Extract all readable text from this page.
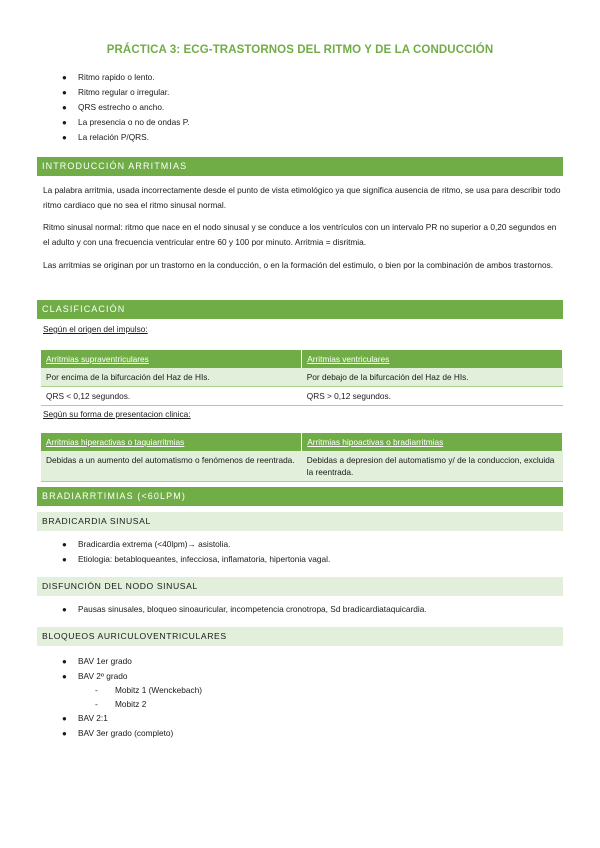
PRÁCTICA 3: ECG-TRASTORNOS DEL RITMO Y DE LA CONDUCCIÓN
● Ritmo rapido o lento.
● Ritmo regular o irregular.
● QRS estrecho o ancho.
● La presencia o no de ondas P.
● La relación P/QRS.
INTRODUCCIÓN ARRITMIAS
La palabra arritmia, usada incorrectamente desde el punto de vista etimológico ya que significa ausencia de ritmo, se usa para describir todo ritmo cardiaco que no sea el ritmo sinusal normal.
Ritmo sinusal normal: ritmo que nace en el nodo sinusal y se conduce a los ventrículos con un intervalo PR no superior a 0,20 segundos en el adulto y con una frecuencia ventricular entre 60 y 100 por minuto. Arritmia = disritmia.
Las arritmias se originan por un trastorno en la conducción, o en la formación del estimulo, o bien por la combinación de ambos trastornos.
CLASIFICACIÓN
Según el origen del impulso:
Arritmias supraventriculares	Arritmias ventriculares
Por encima de la bifurcación del Haz de HIs.	Por debajo de la bifurcación del Haz de HIs.
QRS < 0,12 segundos.	QRS > 0,12 segundos.
Según su forma de presentacion clinica:
Arritmias hiperactivas o taquiarritmias	Arritmias hipoactivas o bradiarritmias
Debidas a un aumento del automatismo o fenómenos de reentrada.	Debidas a depresion del automatismo y/ de la conduccion, excluida la reentrada.
BRADIARRTIMIAS (<60LPM)
BRADICARDIA SINUSAL
● Bradicardia extrema (<40lpm)→ asistolia.
● Etiologia: betabloqueantes, infecciosa, inflamatoria, hipertonia vagal.
DISFUNCIÓN DEL NODO SINUSAL
● Pausas sinusales, bloqueo sinoauricular, incompetencia cronotropa, Sd bradicardiataquicardia.
BLOQUEOS AURICULOVENTRICULARES
● BAV 1er grado
● BAV 2º grado
- Mobitz 1 (Wenckebach)
- Mobitz 2
● BAV 2:1
● BAV 3er grado (completo)
